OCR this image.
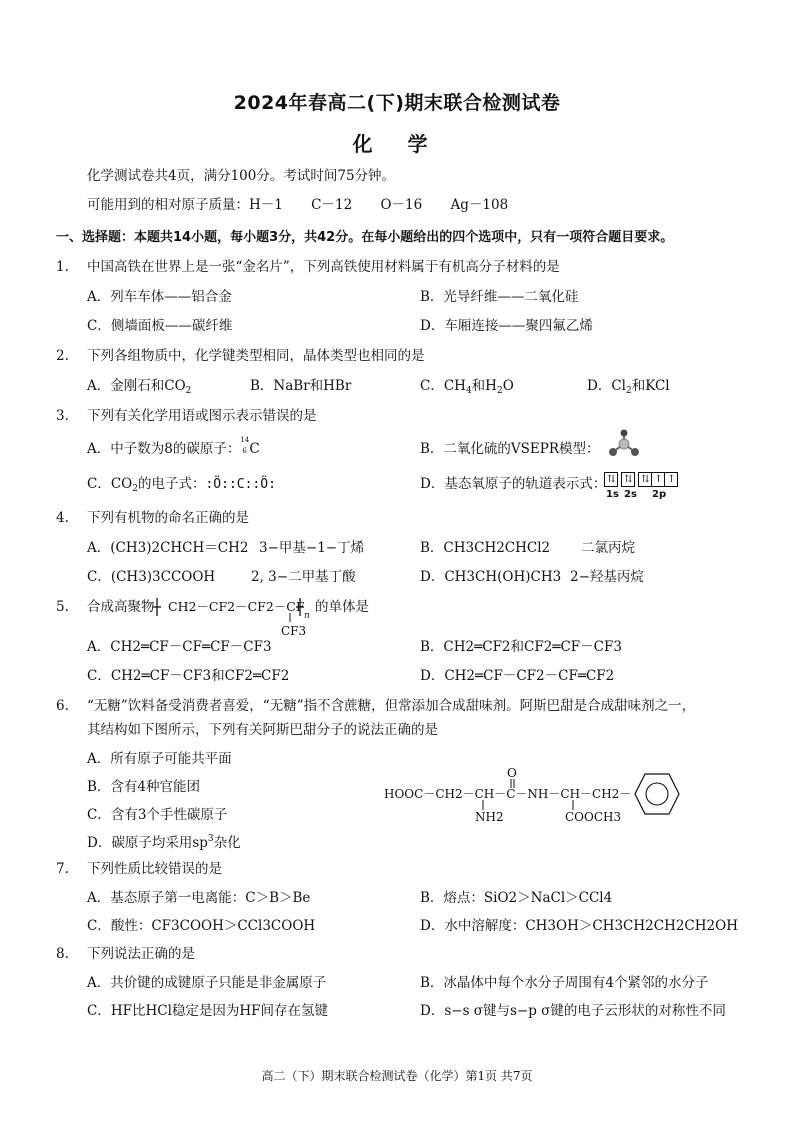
2024年春高二(下)期末联合检测试卷
化 学
化学测试卷共4页，满分100分。考试时间75分钟。
可能用到的相对原子质量：H－1 C－12 O－16 Ag－108
一、选择题：本题共14小题，每小题3分，共42分。在每小题给出的四个选项中，只有一项符合题目要求。
1. 中国高铁在世界上是一张“金名片”，下列高铁使用材料属于有机高分子材料的是
A．列车车体——铝合金	B．光导纤维——二氧化硅
C．侧墙面板——碳纤维	D．车厢连接——聚四氟乙烯
2. 下列各组物质中，化学键类型相同，晶体类型也相同的是
A．金刚石和$CO_2$	B．NaBr和HBr	C．$CH_4$和$H_2O$	D．$Cl_2$和KCl
3. 下列有关化学用语或图示表示错误的是
A．中子数为8的碳原子：
14
6 C	B．二氧化硫的VSEPR模型：
C．$CO_2$的电子式：:Ö::C::Ö:	D．基态氧原子的轨道表示式： ⇅ ⇅ ⇅ ↑ ↑
1s 2s 2p
4. 下列有机物的命名正确的是
A．(CH3)2CHCH＝CH2 3−甲基−1−丁烯	B．CH3CH2CHCl2 二氯丙烷
C．(CH3)3CCOOH	2, 3−二甲基丁酸	D．CH3CH(OH)CH3 2−羟基丙烷
5. 合成高聚物 CH2－CF2－CF2－CF
n
CF3
的单体是
A．CH2═CF－CF═CF－CF3	B．CH2═CF2和CF2═CF－CF3
C．CH2═CF－CF3和CF2═CF2	D．CH2═CF－CF2－CF═CF2
6. “无糖”饮料备受消费者喜爱，“无糖”指不含蔗糖，但常添加合成甜味剂。阿斯巴甜是合成甜味剂之一，
其结构如下图所示，下列有关阿斯巴甜分子的说法正确的是
A．所有原子可能共平面
B．含有4种官能团
C．含有3个手性碳原子
D．碳原子均采用$sp^3$杂化
HOOC－CH2－CH－C－NH－CH－CH2－
O
NH2	COOCH3
7. 下列性质比较错误的是
A．基态原子第一电离能：C＞B＞Be	B．熔点：SiO2＞NaCl＞CCl4
C．酸性：CF3COOH＞CCl3COOH	D．水中溶解度：CH3OH＞CH3CH2CH2CH2OH
8. 下列说法正确的是
A．共价键的成键原子只能是非金属原子	B．冰晶体中每个水分子周围有4个紧邻的水分子
C．HF比HCl稳定是因为HF间存在氢键	D．s−s σ键与s−p σ键的电子云形状的对称性不同
高二（下）期末联合检测试卷（化学）第1页 共7页
